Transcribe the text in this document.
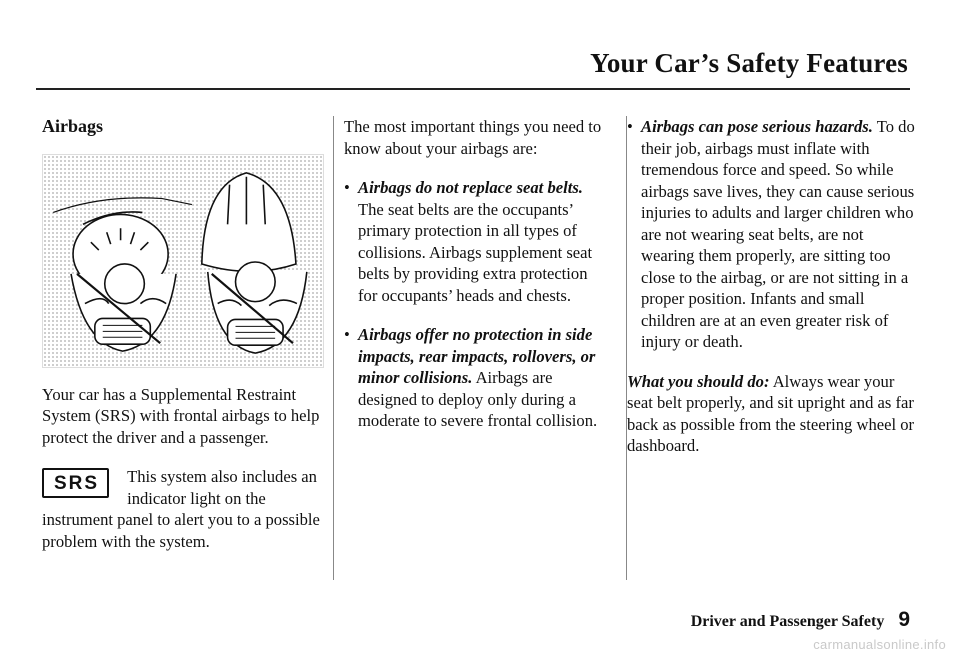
Your Car’s Safety Features
Airbags

Your car has a Supplemental Restraint System (SRS) with frontal airbags to help protect the driver and a passenger.

SRS	This system also includes an indicator light on the instrument panel to alert you to a possible problem with the system.

The most important things you need to know about your airbags are:

• Airbags do not replace seat belts. The seat belts are the occupants’ primary protection in all types of collisions. Airbags supplement seat belts by providing extra protection for occupants’ heads and chests.
• Airbags offer no protection in side impacts, rear impacts, rollovers, or minor collisions. Airbags are designed to deploy only during a moderate to severe frontal collision.
• Airbags can pose serious hazards. To do their job, airbags must inflate with tremendous force and speed. So while airbags save lives, they can cause serious injuries to adults and larger children who are not wearing seat belts, are not wearing them properly, are sitting too close to the airbag, or are not sitting in a proper position. Infants and small children are at an even greater risk of injury or death.

What you should do: Always wear your seat belt properly, and sit upright and as far back as possible from the steering wheel or dashboard.

Driver and Passenger Safety 9
carmanualsonline.info
